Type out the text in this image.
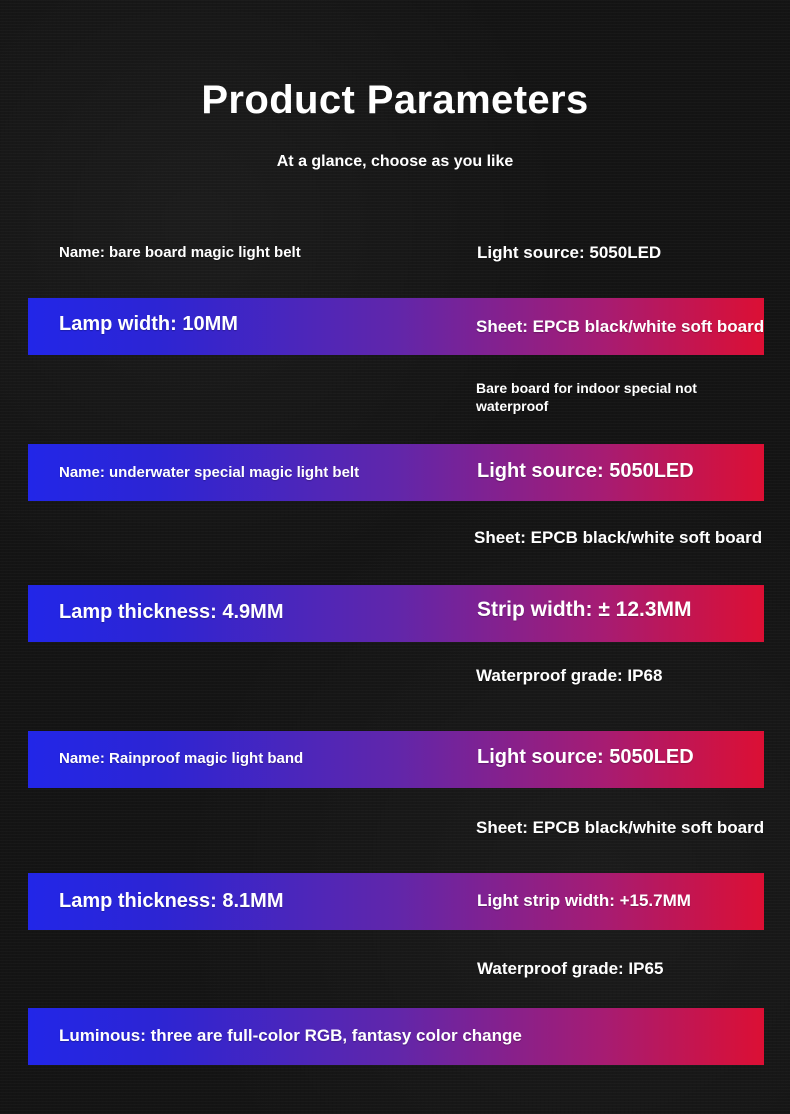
Product Parameters
At a glance, choose as you like
Name: bare board magic light belt	Light source: 5050LED
Lamp width: 10MM	Sheet: EPCB black/white soft board
Bare board for indoor special not waterproof
Name: underwater special magic light belt	Light source: 5050LED
Sheet: EPCB black/white soft board
Lamp thickness: 4.9MM	Strip width: ± 12.3MM
Waterproof grade: IP68
Name: Rainproof magic light band	Light source: 5050LED
Sheet: EPCB black/white soft board
Lamp thickness: 8.1MM	Light strip width: +15.7MM
Waterproof grade: IP65
Luminous: three are full-color RGB, fantasy color change
